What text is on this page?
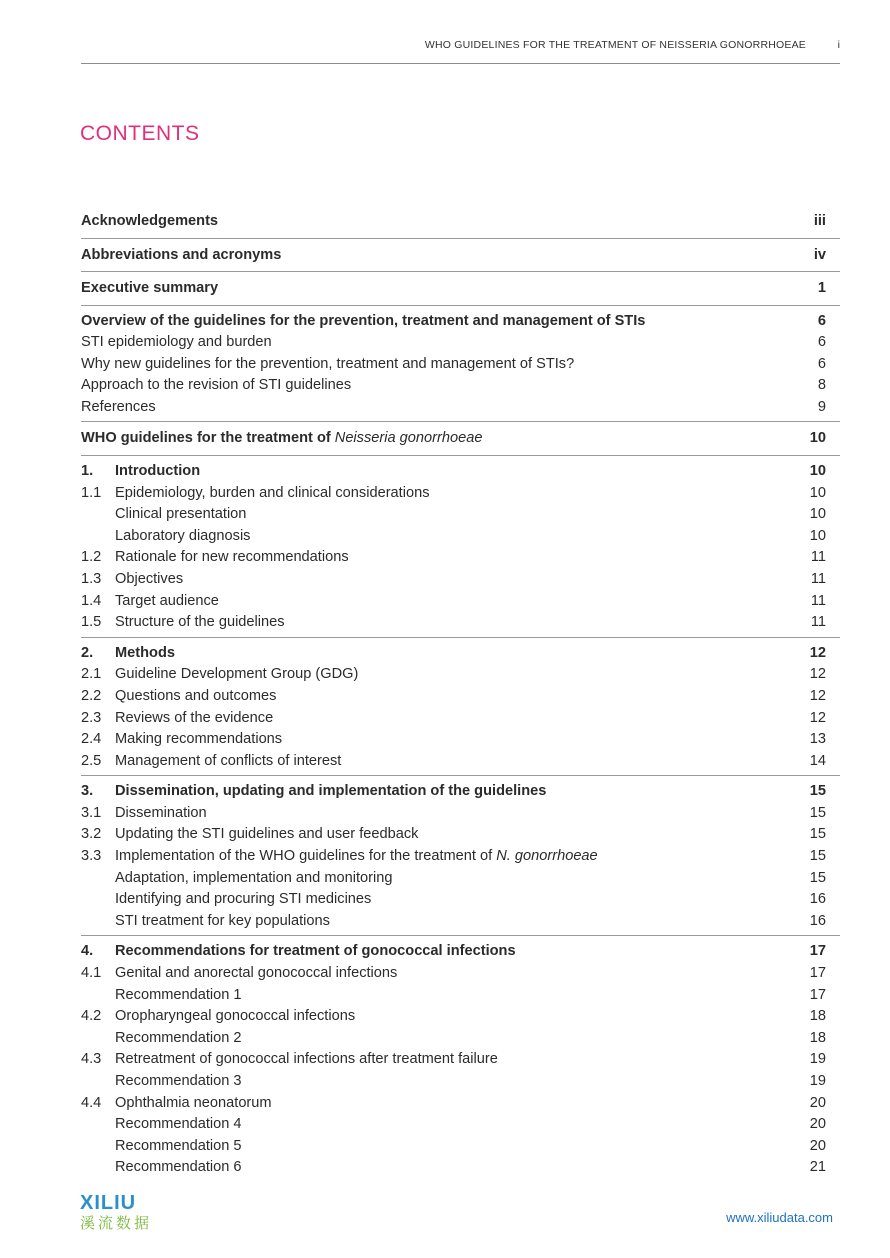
WHO GUIDELINES FOR THE TREATMENT OF NEISSERIA GONORRHOEAE	i
CONTENTS
Acknowledgements	iii
Abbreviations and acronyms	iv
Executive summary	1
Overview of the guidelines for the prevention, treatment and management of STIs	6
STI epidemiology and burden	6
Why new guidelines for the prevention, treatment and management of STIs?	6
Approach to the revision of STI guidelines	8
References	9
WHO guidelines for the treatment of Neisseria gonorrhoeae	10
1.	Introduction	10
1.1 Epidemiology, burden and clinical considerations	10
Clinical presentation	10
Laboratory diagnosis	10
1.2 Rationale for new recommendations	11
1.3 Objectives	11
1.4 Target audience	11
1.5 Structure of the guidelines	11
2.	Methods	12
2.1 Guideline Development Group (GDG)	12
2.2 Questions and outcomes	12
2.3 Reviews of the evidence	12
2.4 Making recommendations	13
2.5 Management of conflicts of interest	14
3.	Dissemination, updating and implementation of the guidelines	15
3.1 Dissemination	15
3.2 Updating the STI guidelines and user feedback	15
3.3 Implementation of the WHO guidelines for the treatment of N. gonorrhoeae	15
Adaptation, implementation and monitoring	15
Identifying and procuring STI medicines	16
STI treatment for key populations	16
4.	Recommendations for treatment of gonococcal infections	17
4.1 Genital and anorectal gonococcal infections	17
Recommendation 1	17
4.2 Oropharyngeal gonococcal infections	18
Recommendation 2	18
4.3 Retreatment of gonococcal infections after treatment failure	19
Recommendation 3	19
4.4 Ophthalmia neonatorum	20
Recommendation 4	20
Recommendation 5	20
Recommendation 6	21
XILIU
溪流数据	www.xiliudata.com
